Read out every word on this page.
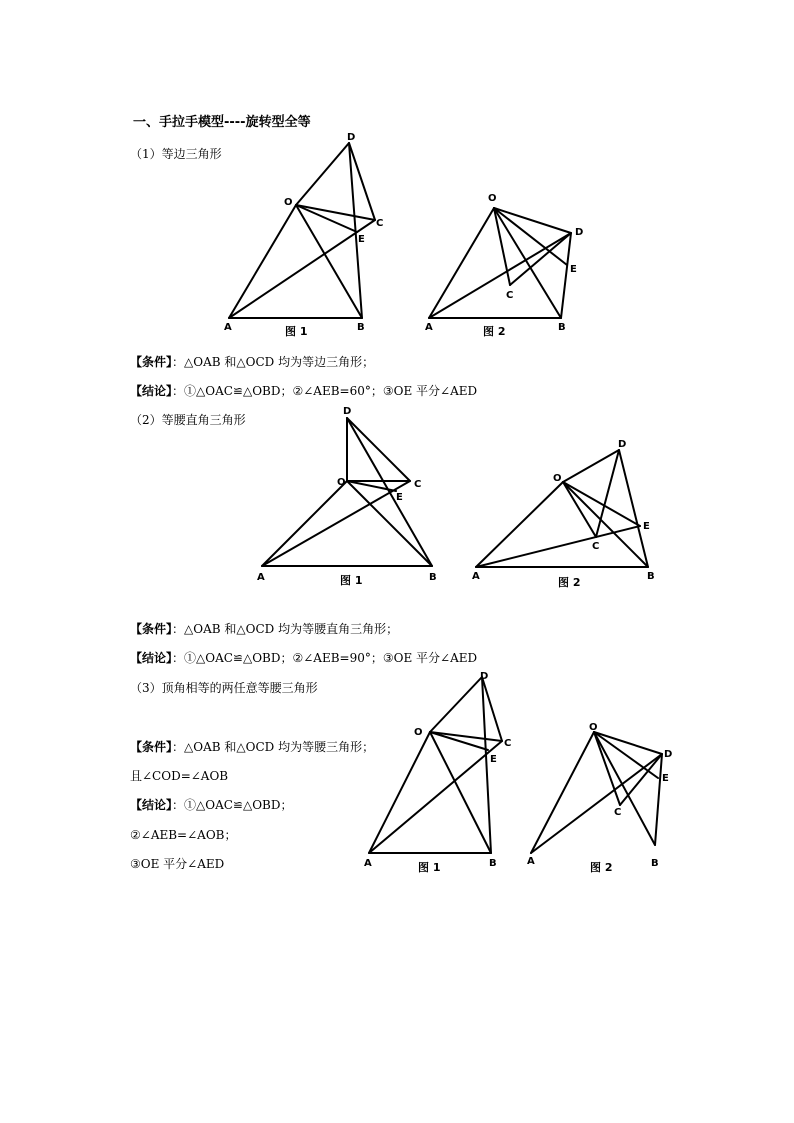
一、手拉手模型----旋转型全等
（1）等边三角形
【条件】：△OAB 和△OCD 均为等边三角形；
【结论】：①△OAC≌△OBD；②∠AEB=60°；③OE 平分∠AED
（2）等腰直角三角形
【条件】：△OAB 和△OCD 均为等腰直角三角形；
【结论】：①△OAC≌△OBD；②∠AEB=90°；③OE 平分∠AED
（3）顶角相等的两任意等腰三角形
【条件】：△OAB 和△OCD 均为等腰三角形；
且∠COD=∠AOB
【结论】：①△OAC≌△OBD；
②∠AEB=∠AOB；
③OE 平分∠AED
D
O
C
E
A	B
图 1
O
D
E
C
A	B
图 2
D
O	C
E
A	B
图 1
D
O
E
C
A	B
图 2
D
O
C
E
A	B
图 1
O
D
E
C
A	B
图 2
